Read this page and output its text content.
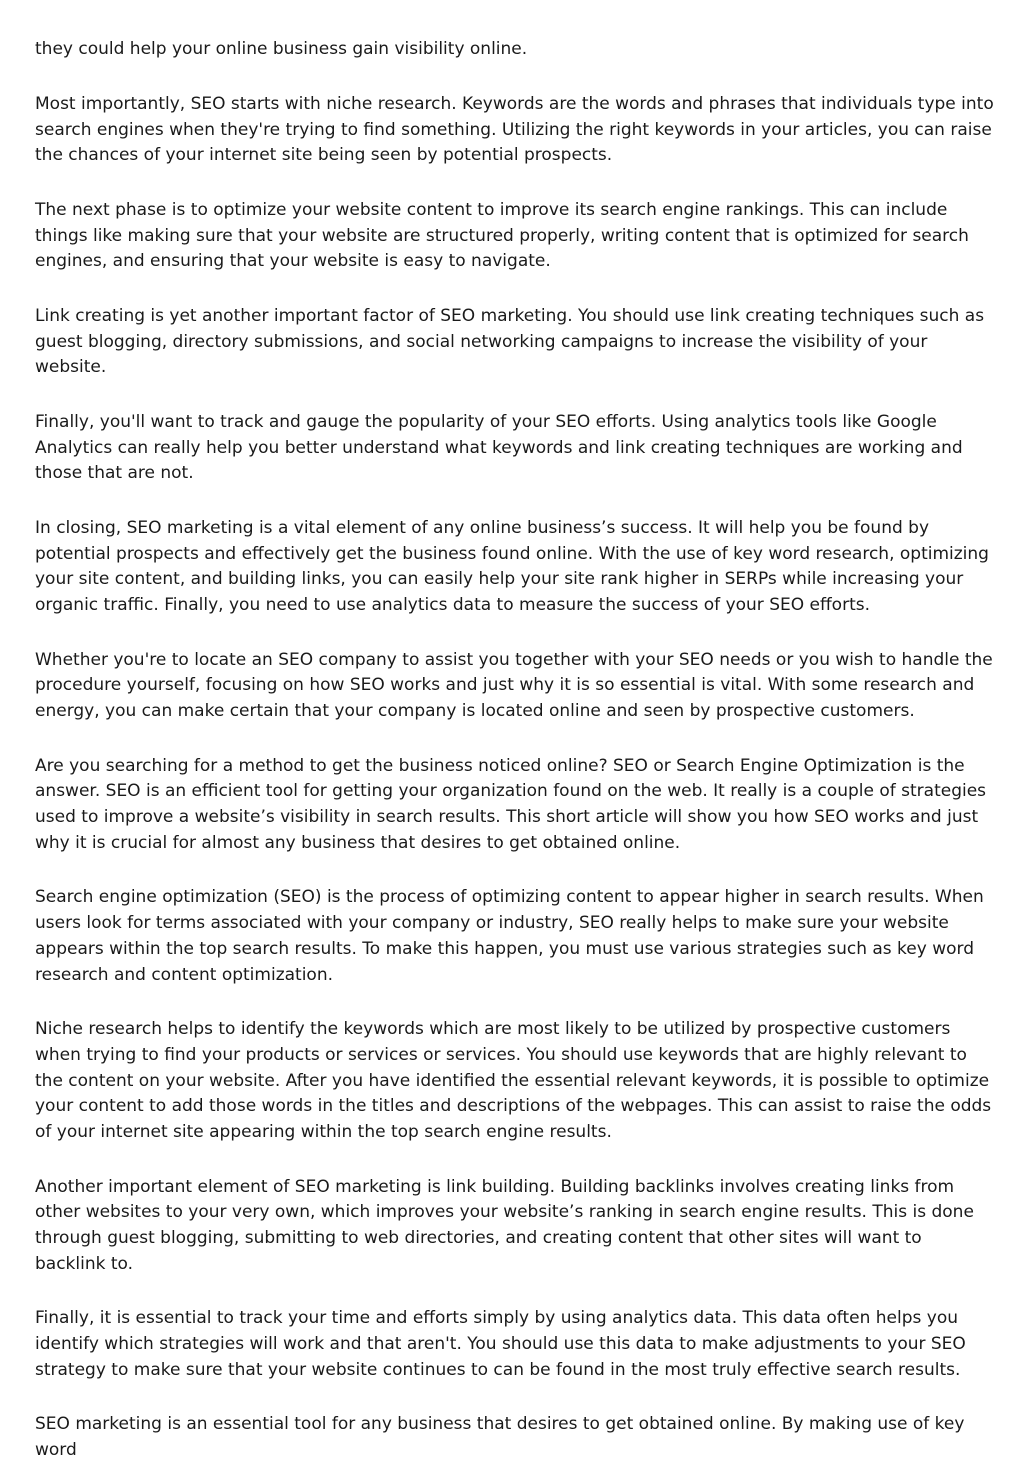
they could help your online business gain visibility online.

Most importantly, SEO starts with niche research. Keywords are the words and phrases that individuals type into search engines when they're trying to find something. Utilizing the right keywords in your articles, you can raise the chances of your internet site being seen by potential prospects.

The next phase is to optimize your website content to improve its search engine rankings. This can include things like making sure that your website are structured properly, writing content that is optimized for search engines, and ensuring that your website is easy to navigate.

Link creating is yet another important factor of SEO marketing. You should use link creating techniques such as guest blogging, directory submissions, and social networking campaigns to increase the visibility of your website.

Finally, you'll want to track and gauge the popularity of your SEO efforts. Using analytics tools like Google Analytics can really help you better understand what keywords and link creating techniques are working and those that are not.

In closing, SEO marketing is a vital element of any online business’s success. It will help you be found by potential prospects and effectively get the business found online. With the use of key word research, optimizing your site content, and building links, you can easily help your site rank higher in SERPs while increasing your organic traffic. Finally, you need to use analytics data to measure the success of your SEO efforts.

Whether you're to locate an SEO company to assist you together with your SEO needs or you wish to handle the procedure yourself, focusing on how SEO works and just why it is so essential is vital. With some research and energy, you can make certain that your company is located online and seen by prospective customers.

Are you searching for a method to get the business noticed online? SEO or Search Engine Optimization is the answer. SEO is an efficient tool for getting your organization found on the web. It really is a couple of strategies used to improve a website’s visibility in search results. This short article will show you how SEO works and just why it is crucial for almost any business that desires to get obtained online.

Search engine optimization (SEO) is the process of optimizing content to appear higher in search results. When users look for terms associated with your company or industry, SEO really helps to make sure your website appears within the top search results. To make this happen, you must use various strategies such as key word research and content optimization.

Niche research helps to identify the keywords which are most likely to be utilized by prospective customers when trying to find your products or services or services. You should use keywords that are highly relevant to the content on your website. After you have identified the essential relevant keywords, it is possible to optimize your content to add those words in the titles and descriptions of the webpages. This can assist to raise the odds of your internet site appearing within the top search engine results.

Another important element of SEO marketing is link building. Building backlinks involves creating links from other websites to your very own, which improves your website’s ranking in search engine results. This is done through guest blogging, submitting to web directories, and creating content that other sites will want to backlink to.

Finally, it is essential to track your time and efforts simply by using analytics data. This data often helps you identify which strategies will work and that aren't. You should use this data to make adjustments to your SEO strategy to make sure that your website continues to can be found in the most truly effective search results.

SEO marketing is an essential tool for any business that desires to get obtained online. By making use of key word
